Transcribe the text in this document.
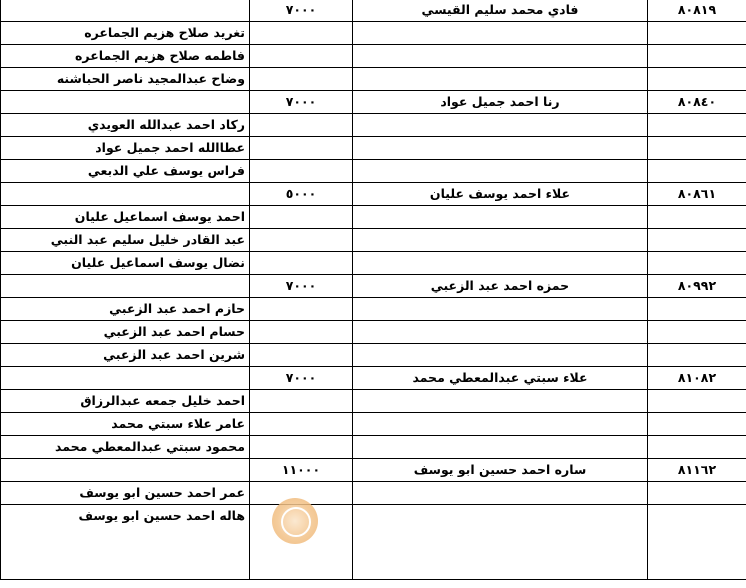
	٧٠٠٠	فادي محمد سليم القيسي	٨٠٨١٩
تغريد صلاح هزيم الجماعره			
فاطمه صلاح هزيم الجماعره			
وضاح عبدالمجيد ناصر الحباشنه			
	٧٠٠٠	رنا احمد جميل عواد	٨٠٨٤٠
ركاد احمد عبدالله العويدي			
عطاالله احمد جميل عواد			
فراس يوسف علي الدبعي			
	٥٠٠٠	علاء احمد يوسف عليان	٨٠٨٦١
احمد يوسف اسماعيل عليان			
عبد القادر خليل سليم عبد النبي			
نضال يوسف اسماعيل عليان			
	٧٠٠٠	حمزه احمد عبد الزعبي	٨٠٩٩٢
حازم احمد عبد الزعبي			
حسام احمد عبد الزعبي			
شرين احمد عبد الزعبي			
	٧٠٠٠	علاء سبتي عبدالمعطي محمد	٨١٠٨٢
احمد خليل جمعه عبدالرزاق			
عامر علاء سبتي محمد			
محمود سبتي عبدالمعطي محمد			
	١١٠٠٠	ساره احمد حسين ابو يوسف	٨١١٦٢
عمر احمد حسين ابو يوسف			
هاله احمد حسين ابو يوسف			
